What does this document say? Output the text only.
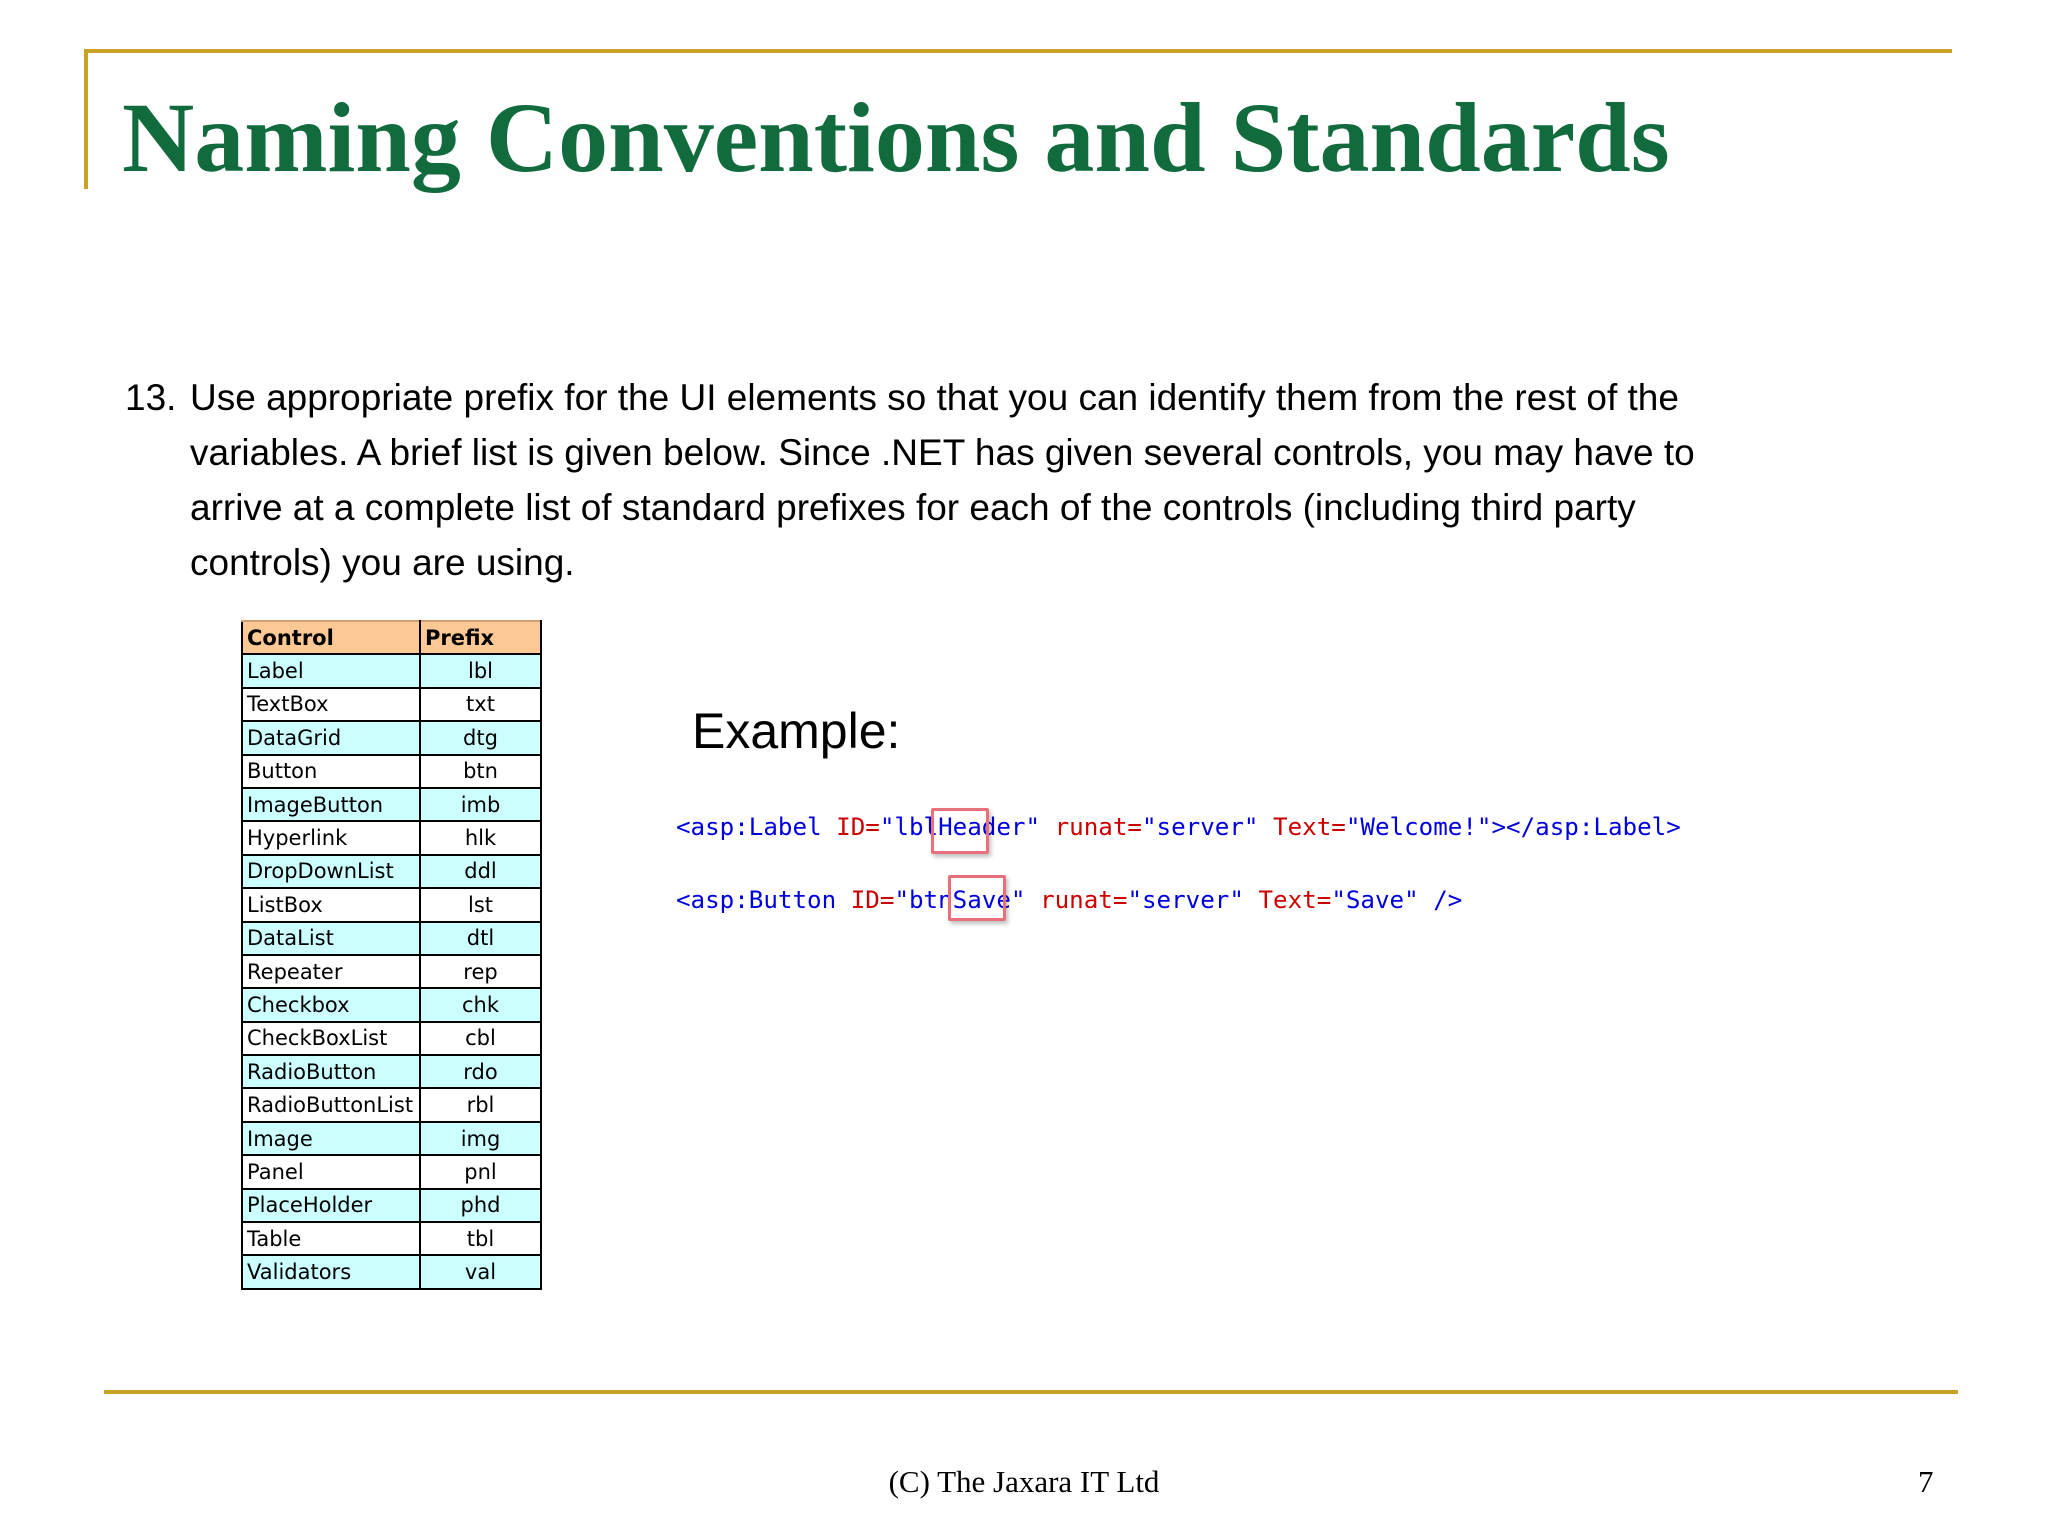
Naming Conventions and Standards
13. Use appropriate prefix for the UI elements so that you can identify them from the rest of the variables. A brief list is given below. Since .NET has given several controls, you may have to arrive at a complete list of standard prefixes for each of the controls (including third party controls) you are using.
Control	Prefix
Label	lbl
TextBox	txt
DataGrid	dtg
Button	btn
ImageButton	imb
Hyperlink	hlk
DropDownList	ddl
ListBox	lst
DataList	dtl
Repeater	rep
Checkbox	chk
CheckBoxList	cbl
RadioButton	rdo
RadioButtonList	rbl
Image	img
Panel	pnl
PlaceHolder	phd
Table	tbl
Validators	val
Example:
<asp:Label ID="lblHeader" runat="server" Text="Welcome!"></asp:Label>
<asp:Button ID="btnSave" runat="server" Text="Save" />
(C) The Jaxara IT Ltd	7
